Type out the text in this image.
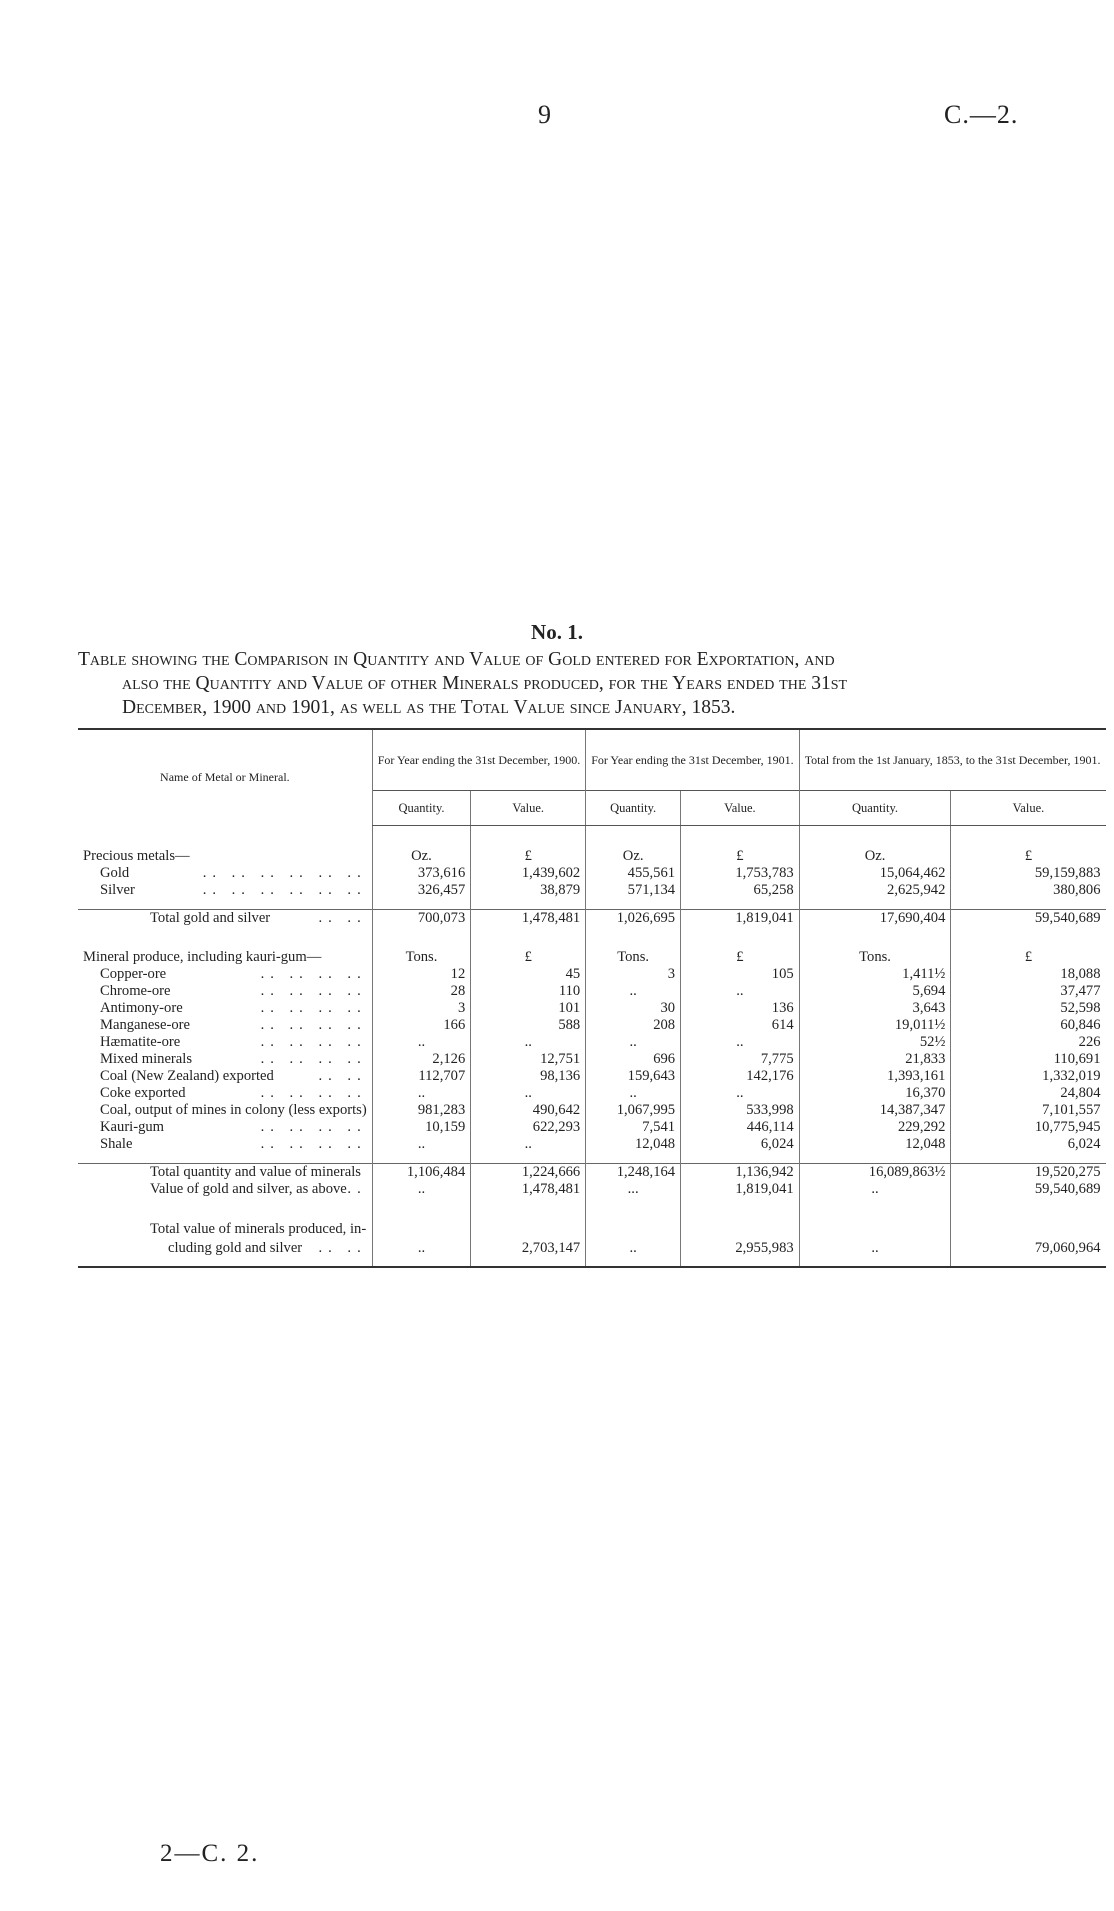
9	C.—2.
No. 1.
Table showing the Comparison in Quantity and Value of Gold entered for Exportation, and
also the Quantity and Value of other Minerals produced, for the Years ended the 31st
December, 1900 and 1901, as well as the Total Value since January, 1853.
Name of Metal or Mineral.	For Year ending the 31st December, 1900.		For Year ending the 31st December, 1901.		Total from the 1st January, 1853, to the 31st December, 1901.	
	Quantity.	Value.	Quantity.	Value.	Quantity.	Value.

Precious metals—	Oz.	£	Oz.	£	Oz.	£
Gold .. .. .. .. .. ..	373,616	1,439,602	455,561	1,753,783	15,064,462	59,159,883
Silver .. .. .. .. .. ..	326,457	38,879	571,134	65,258	2,625,942	380,806

Total gold and silver .. ..	700,073	1,478,481	1,026,695	1,819,041	17,690,404	59,540,689

Mineral produce, including kauri-gum—	Tons.	£	Tons.	£	Tons.	£
Copper-ore .. .. .. ..	12	45	3	105	1,411½	18,088
Chrome-ore .. .. .. ..	28	110	..	..	5,694	37,477
Antimony-ore .. .. .. ..	3	101	30	136	3,643	52,598
Manganese-ore .. .. .. ..	166	588	208	614	19,011½	60,846
Hæmatite-ore .. .. .. ..	..	..	..	..	52½	226
Mixed minerals .. .. .. ..	2,126	12,751	696	7,775	21,833	110,691
Coal (New Zealand) exported .. ..	112,707	98,136	159,643	142,176	1,393,161	1,332,019
Coke exported .. .. .. ..	..	..	..	..	16,370	24,804
Coal, output of mines in colony (less exports)	981,283	490,642	1,067,995	533,998	14,387,347	7,101,557
Kauri-gum .. .. .. ..	10,159	622,293	7,541	446,114	229,292	10,775,945
Shale .. .. .. ..	..	..	12,048	6,024	12,048	6,024

Total quantity and value of minerals	1,106,484	1,224,666	1,248,164	1,136,942	16,089,863½	19,520,275
Value of gold and silver, as above ..	..	1,478,481	...	1,819,041	..	59,540,689

Total value of minerals produced, in-
cluding gold and silver .. ..	..	2,703,147	..	2,955,983	..	79,060,964

2—C. 2.
